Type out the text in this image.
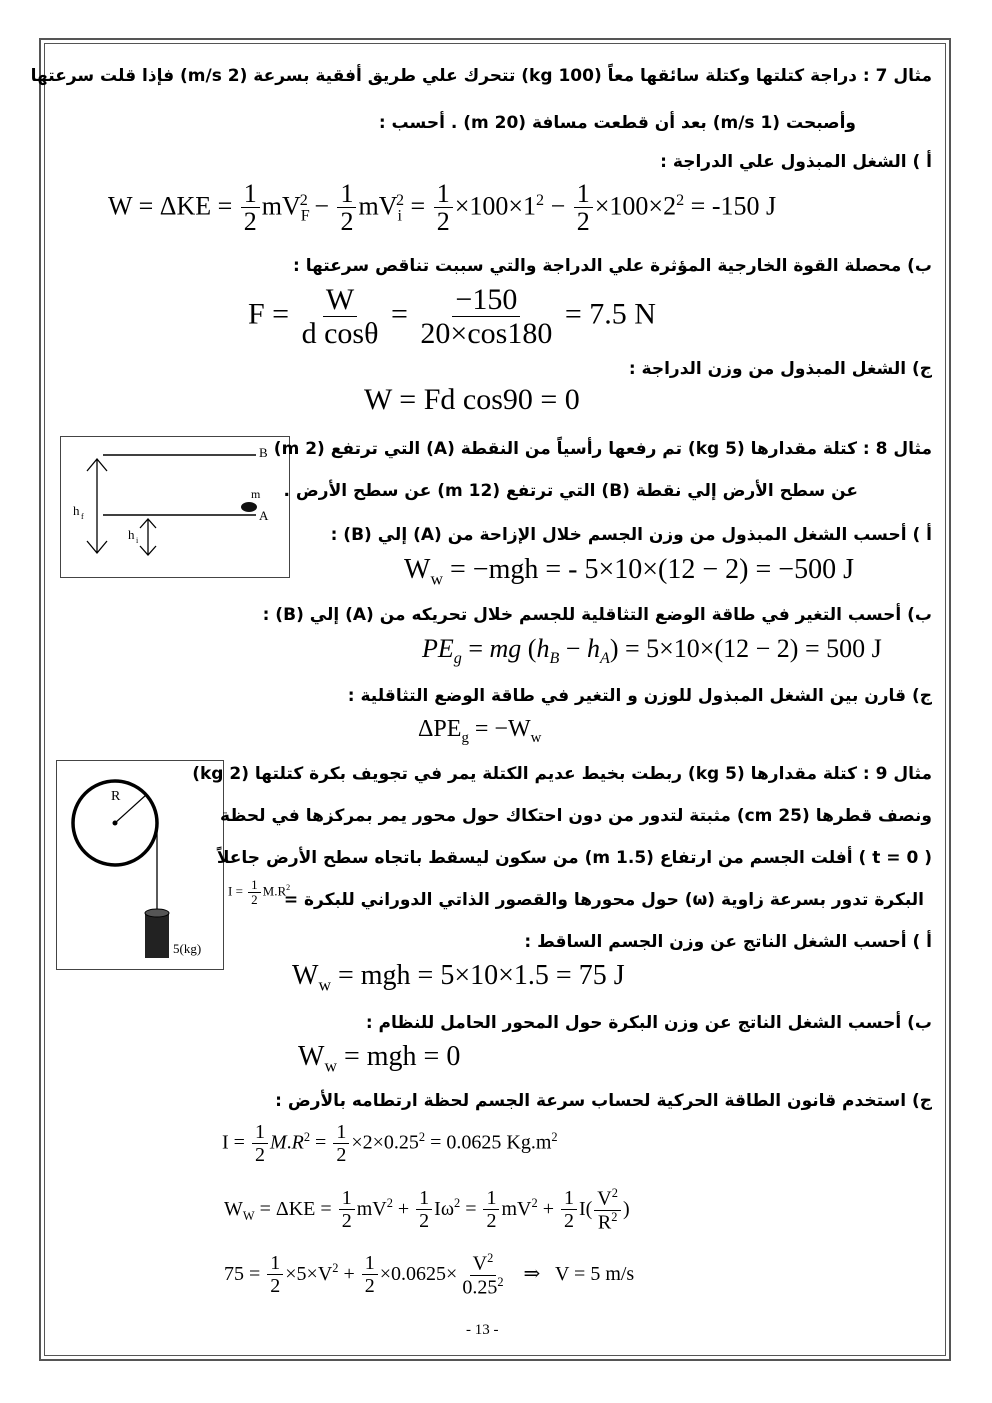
مثال 7 : دراجة كتلتها وكتلة سائقها معاً (100 kg) تتحرك علي طريق أفقية بسرعة (2 m/s) فإذا قلت سرعتها
وأصبحت (1 m/s) بعد أن قطعت مسافة (20 m) . أحسب :
أ ) الشغل المبذول علي الدراجة :
$W = \Delta KE = \frac{1}{2} mV_F^2 - \frac{1}{2} mV_i^2 = \frac{1}{2} \times 100\times 1^2 - \frac{1}{2} \times 100\times 2^2 = -150$ J
ب) محصلة القوة الخارجية المؤثرة علي الدراجة والتي سببت تناقص سرعتها :
$F = \frac{W}{\text{d cosθ}} = \frac{-150}{20\times\cos 180} = 7.5$ N
ج) الشغل المبذول من وزن الدراجة :
W = Fd cos90 = 0
B
A
m
h f
h i
مثال 8 : كتلة مقدارها (5 kg) تم رفعها رأسياً من النقطة (A) التي ترتفع (2 m)
عن سطح الأرض إلي نقطة (B) التي ترتفع (12 m) عن سطح الأرض .
أ ) أحسب الشغل المبذول من وزن الجسم خلال الإزاحة من (A) إلي (B) :
$W_w = -mgh$ = - 5×10×(12 − 2) = −500 J
ب) أحسب التغير في طاقة الوضع التثاقلية للجسم خلال تحريكه من (A) إلي (B) :
$PE_g$ = mg $(h_B - h_A) = 5\times 10\times(12 - 2) = 500$ J
ج) قارن بين الشغل المبذول للوزن و التغير في طاقة الوضع التثاقلية :
$\Delta PE_g = -W_w$
R
5(kg)
مثال 9 : كتلة مقدارها (5 kg) ربطت بخيط عديم الكتلة يمر في تجويف بكرة كتلتها (2 kg)
ونصف قطرها (25 cm) مثبتة لتدور من دون احتكاك حول محور يمر بمركزها في لحظة
( t = 0 ) أفلت الجسم من ارتفاع (1.5 m) من سكون ليسقط باتجاه سطح الأرض جاعلاً
البكرة تدور بسرعة زاوية (ω) حول محورها والقصور الذاتي الدوراني للبكرة =
$I = \frac{1}{2} M.R^2$
أ ) أحسب الشغل الناتج عن وزن الجسم الساقط :
$W_w$ = mgh = 5×10×1.5 = 75 J
ب) أحسب الشغل الناتج عن وزن البكرة حول المحور الحامل للنظام :
$W_w$ = mgh = 0
ج) استخدم قانون الطاقة الحركية لحساب سرعة الجسم لحظة ارتطامه بالأرض :
$I = \frac{1}{2} M.R^2 = \frac{1}{2} \times 2\times 0.25^2 = 0.0625$ $Kg.m^2$
$W_W = \Delta KE = \frac{1}{2} mV^2 + \frac{1}{2} I\omega^2 = \frac{1}{2} mV^2 + \frac{1}{2} I( \frac{V^2}{R^2}$ )
$75 = \frac{1}{2} \times 5\times V^2 + \frac{1}{2} \times 0.0625\times \frac{V^2}{0.25^2}$ ⇒   V = 5 m/s
- 13 -
